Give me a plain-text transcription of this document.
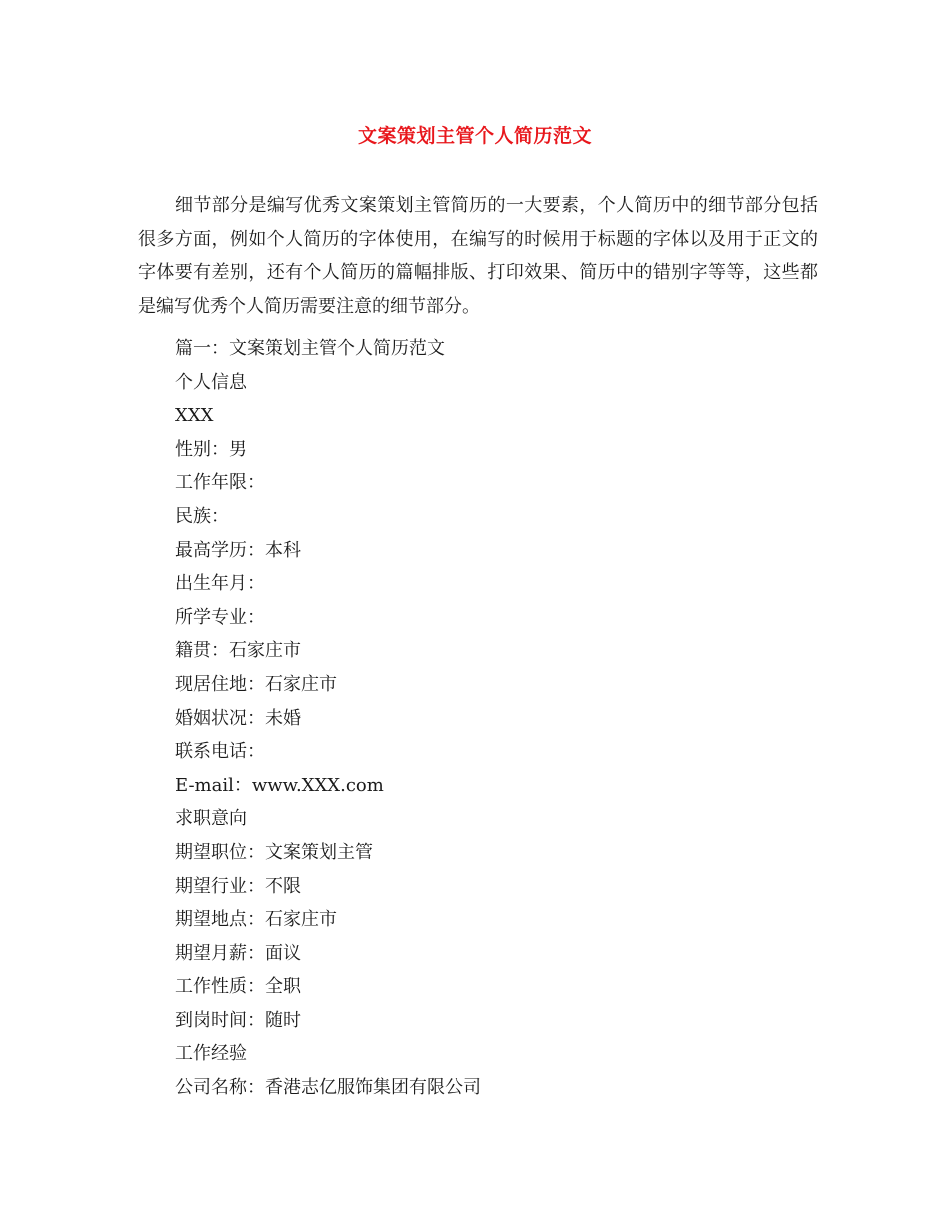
文案策划主管个人简历范文

细节部分是编写优秀文案策划主管简历的一大要素，个人简历中的细节部分包括很多方面，例如个人简历的字体使用，在编写的时候用于标题的字体以及用于正文的字体要有差别，还有个人简历的篇幅排版、打印效果、简历中的错别字等等，这些都是编写优秀个人简历需要注意的细节部分。

篇一：文案策划主管个人简历范文
个人信息
XXX
性别：男
工作年限：
民族：
最高学历：本科
出生年月：
所学专业：
籍贯：石家庄市
现居住地：石家庄市
婚姻状况：未婚
联系电话：
E-mail：www.XXX.com
求职意向
期望职位：文案策划主管
期望行业：不限
期望地点：石家庄市
期望月薪：面议
工作性质：全职
到岗时间：随时
工作经验
公司名称：香港志亿服饰集团有限公司
